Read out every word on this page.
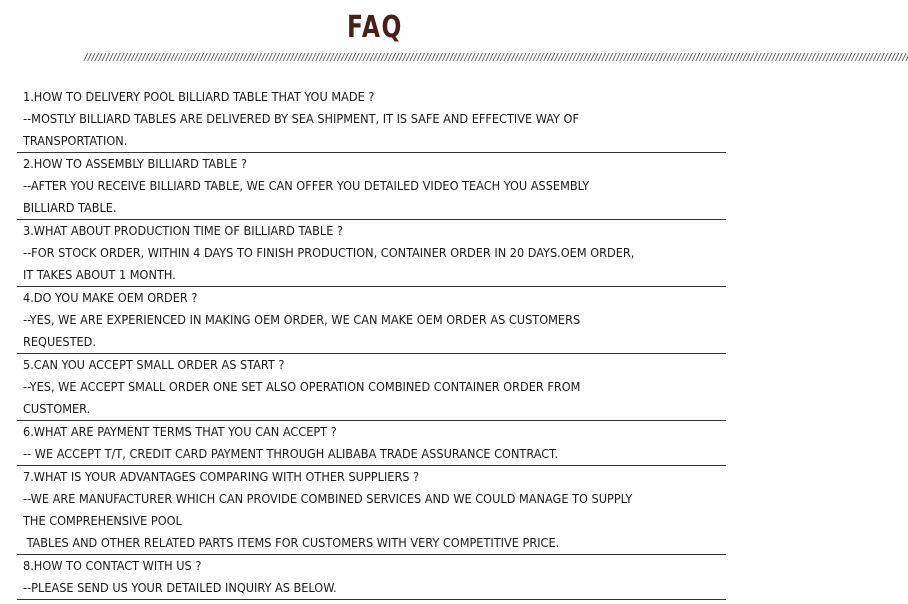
FAQ
////////////////////////////////////////////////////////////////////////////////////////////////////////////////////////////////////////////////////////////////////////////////////////////////////////////////////////////////////
1.HOW TO DELIVERY POOL BILLIARD TABLE THAT YOU MADE ?
--MOSTLY BILLIARD TABLES ARE DELIVERED BY SEA SHIPMENT, IT IS SAFE AND EFFECTIVE WAY OF
TRANSPORTATION.
2.HOW TO ASSEMBLY BILLIARD TABLE ?
--AFTER YOU RECEIVE BILLIARD TABLE, WE CAN OFFER YOU DETAILED VIDEO TEACH YOU ASSEMBLY
BILLIARD TABLE.
3.WHAT ABOUT PRODUCTION TIME OF BILLIARD TABLE ?
--FOR STOCK ORDER, WITHIN 4 DAYS TO FINISH PRODUCTION, CONTAINER ORDER IN 20 DAYS.OEM ORDER,
IT TAKES ABOUT 1 MONTH.
4.DO YOU MAKE OEM ORDER ?
--YES, WE ARE EXPERIENCED IN MAKING OEM ORDER, WE CAN MAKE OEM ORDER AS CUSTOMERS
REQUESTED.
5.CAN YOU ACCEPT SMALL ORDER AS START ?
--YES, WE ACCEPT SMALL ORDER ONE SET ALSO OPERATION COMBINED CONTAINER ORDER FROM
CUSTOMER.
6.WHAT ARE PAYMENT TERMS THAT YOU CAN ACCEPT ?
-- WE ACCEPT T/T, CREDIT CARD PAYMENT THROUGH ALIBABA TRADE ASSURANCE CONTRACT.
7.WHAT IS YOUR ADVANTAGES COMPARING WITH OTHER SUPPLIERS ?
--WE ARE MANUFACTURER WHICH CAN PROVIDE COMBINED SERVICES AND WE COULD MANAGE TO SUPPLY
THE COMPREHENSIVE POOL
TABLES AND OTHER RELATED PARTS ITEMS FOR CUSTOMERS WITH VERY COMPETITIVE PRICE.
8.HOW TO CONTACT WITH US ?
--PLEASE SEND US YOUR DETAILED INQUIRY AS BELOW.
